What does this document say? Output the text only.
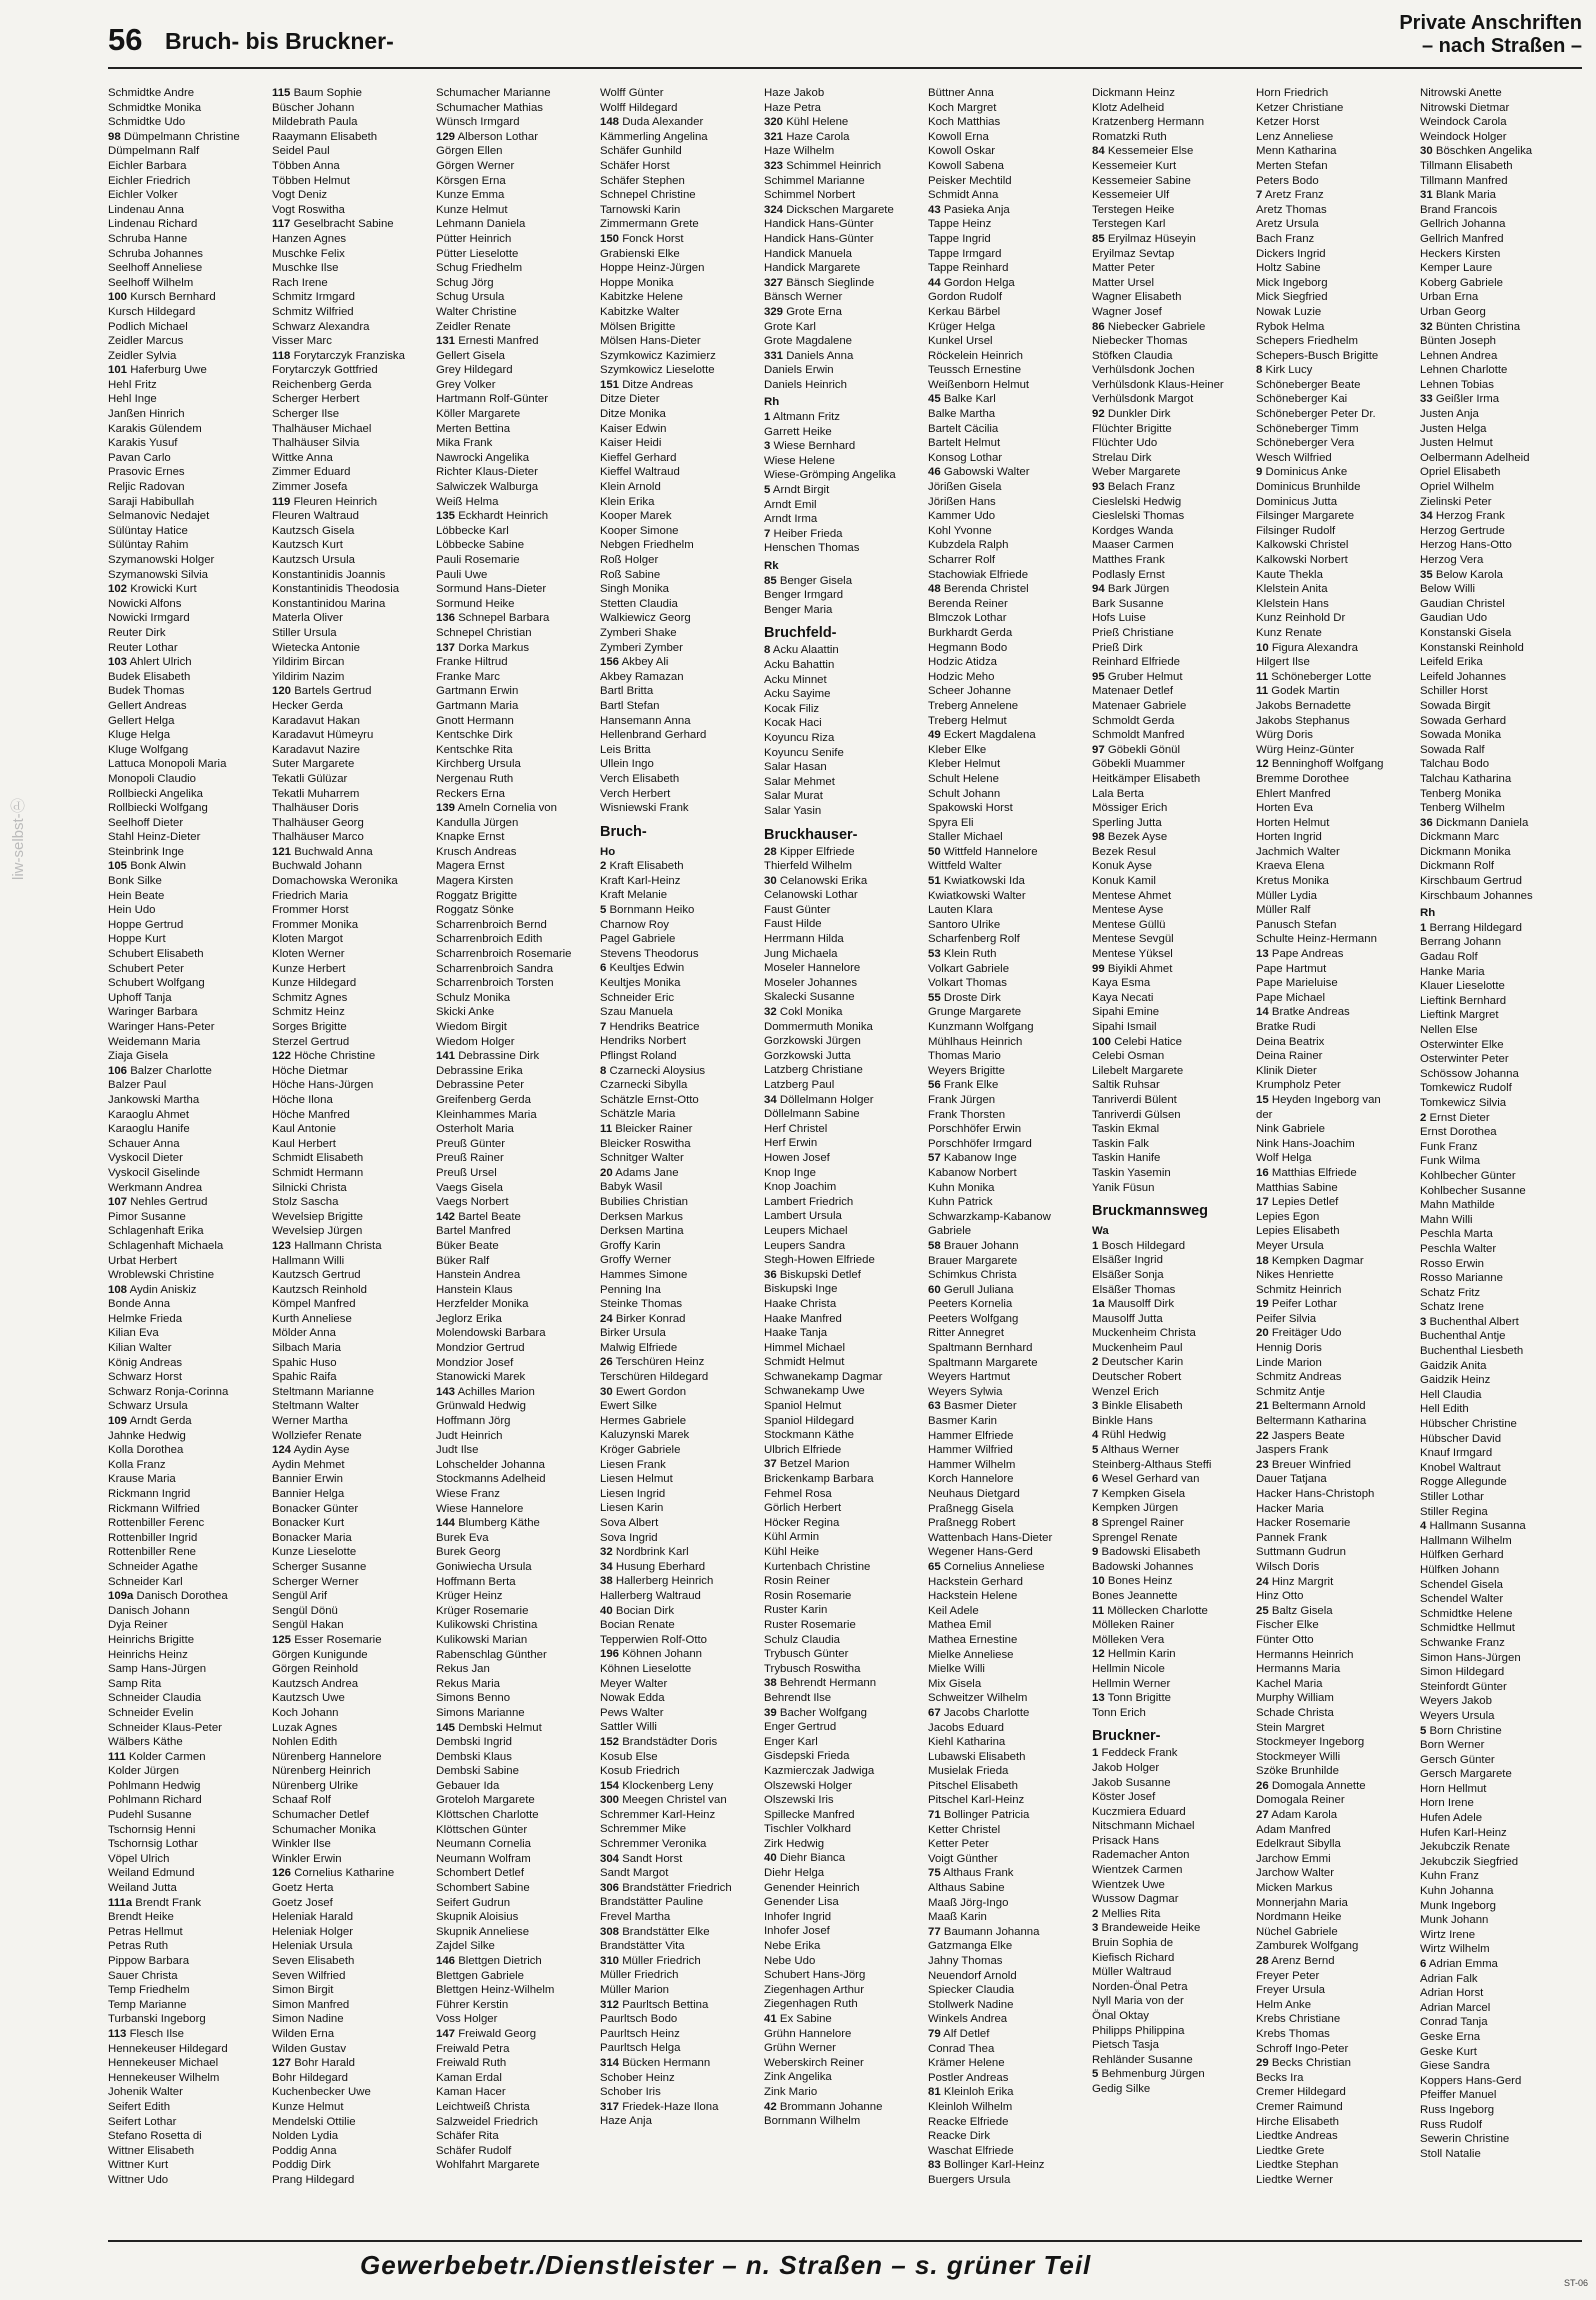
56 Bruch- bis Bruckner-
Private Anschriften
– nach Straßen –
liw-selbst-Ⓟ
Schmidtke Andre
Schmidtke Monika
Schmidtke Udo
98 Dümpelmann Christine
Dümpelmann Ralf
Eichler Barbara
Eichler Friedrich
Eichler Volker
Lindenau Anna
Lindenau Richard
Schruba Hanne
Schruba Johannes
Seelhoff Anneliese
Seelhoff Wilhelm
100 Kursch Bernhard
Kursch Hildegard
Podlich Michael
Zeidler Marcus
Zeidler Sylvia
101 Haferburg Uwe
Hehl Fritz
Hehl Inge
Janßen Hinrich
Karakis Gülendem
Karakis Yusuf
Pavan Carlo
Prasovic Ernes
Reljic Radovan
Saraji Habibullah
Selmanovic Nedajet
Sülüntay Hatice
Sülüntay Rahim
Szymanowski Holger
Szymanowski Silvia
102 Krowicki Kurt
Nowicki Alfons
Nowicki Irmgard
Reuter Dirk
Reuter Lothar
103 Ahlert Ulrich
Budek Elisabeth
Budek Thomas
Gellert Andreas
Gellert Helga
Kluge Helga
Kluge Wolfgang
Lattuca Monopoli Maria
Monopoli Claudio
Rollbiecki Angelika
Rollbiecki Wolfgang
Seelhoff Dieter
Stahl Heinz-Dieter
Steinbrink Inge
105 Bonk Alwin
Bonk Silke
Hein Beate
Hein Udo
Hoppe Gertrud
Hoppe Kurt
Schubert Elisabeth
Schubert Peter
Schubert Wolfgang
Uphoff Tanja
Waringer Barbara
Waringer Hans-Peter
Weidemann Maria
Ziaja Gisela
106 Balzer Charlotte
Balzer Paul
Jankowski Martha
Karaoglu Ahmet
Karaoglu Hanife
Schauer Anna
Vyskocil Dieter
Vyskocil Giselinde
Werkmann Andrea
107 Nehles Gertrud
Pimor Susanne
Schlagenhaft Erika
Schlagenhaft Michaela
Urbat Herbert
Wroblewski Christine
108 Aydin Aniskiz
Bonde Anna
Helmke Frieda
Kilian Eva
Kilian Walter
König Andreas
Schwarz Horst
Schwarz Ronja-Corinna
Schwarz Ursula
109 Arndt Gerda
Jahnke Hedwig
Kolla Dorothea
Kolla Franz
Krause Maria
Rickmann Ingrid
Rickmann Wilfried
Rottenbiller Ferenc
Rottenbiller Ingrid
Rottenbiller Rene
Schneider Agathe
Schneider Karl
109a Danisch Dorothea
Danisch Johann
Dyja Reiner
Heinrichs Brigitte
Heinrichs Heinz
Samp Hans-Jürgen
Samp Rita
Schneider Claudia
Schneider Evelin
Schneider Klaus-Peter
Wälbers Käthe
111 Kolder Carmen
Kolder Jürgen
Pohlmann Hedwig
Pohlmann Richard
Pudehl Susanne
Tschornsig Henni
Tschornsig Lothar
Vöpel Ulrich
Weiland Edmund
Weiland Jutta
111a Brendt Frank
Brendt Heike
Petras Hellmut
Petras Ruth
Pippow Barbara
Sauer Christa
Temp Friedhelm
Temp Marianne
Turbanski Ingeborg
113 Flesch Ilse
Hennekeuser Hildegard
Hennekeuser Michael
Hennekeuser Wilhelm
Johenik Walter
Seifert Edith
Seifert Lothar
Stefano Rosetta di
Wittner Elisabeth
Wittner Kurt
Wittner Udo
115 Baum Sophie
Büscher Johann
Mildebrath Paula
Raaymann Elisabeth
Seidel Paul
Többen Anna
Többen Helmut
Vogt Deniz
Vogt Roswitha
117 Geselbracht Sabine
Hanzen Agnes
Muschke Felix
Muschke Ilse
Rach Irene
Schmitz Irmgard
Schmitz Wilfried
Schwarz Alexandra
Visser Marc
118 Forytarczyk Franziska
Forytarczyk Gottfried
Reichenberg Gerda
Scherger Herbert
Scherger Ilse
Thalhäuser Michael
Thalhäuser Silvia
Wittke Anna
Zimmer Eduard
Zimmer Josefa
119 Fleuren Heinrich
Fleuren Waltraud
Kautzsch Gisela
Kautzsch Kurt
Kautzsch Ursula
Konstantinidis Joannis
Konstantinidis Theodosia
Konstantinidou Marina
Materla Oliver
Stiller Ursula
Wietecka Antonie
Yildirim Bircan
Yildirim Nazim
120 Bartels Gertrud
Hecker Gerda
Karadavut Hakan
Karadavut Hümeyru
Karadavut Nazire
Suter Margarete
Tekatli Gülüzar
Tekatli Muharrem
Thalhäuser Doris
Thalhäuser Georg
Thalhäuser Marco
121 Buchwald Anna
Buchwald Johann
Domachowska Weronika
Friedrich Maria
Frommer Horst
Frommer Monika
Kloten Margot
Kloten Werner
Kunze Herbert
Kunze Hildegard
Schmitz Agnes
Schmitz Heinz
Sorges Brigitte
Sterzel Gertrud
122 Höche Christine
Höche Dietmar
Höche Hans-Jürgen
Höche Ilona
Höche Manfred
Kaul Antonie
Kaul Herbert
Schmidt Elisabeth
Schmidt Hermann
Silnicki Christa
Stolz Sascha
Wevelsiep Brigitte
Wevelsiep Jürgen
123 Hallmann Christa
Hallmann Willi
Kautzsch Gertrud
Kautzsch Reinhold
Kömpel Manfred
Kurth Anneliese
Mölder Anna
Silbach Maria
Spahic Huso
Spahic Raifa
Steltmann Marianne
Steltmann Walter
Werner Martha
Wollziefer Renate
124 Aydin Ayse
Aydin Mehmet
Bannier Erwin
Bannier Helga
Bonacker Günter
Bonacker Kurt
Bonacker Maria
Kunze Lieselotte
Scherger Susanne
Scherger Werner
Sengül Arif
Sengül Dönü
Sengül Hakan
125 Esser Rosemarie
Görgen Kunigunde
Görgen Reinhold
Kautzsch Andrea
Kautzsch Uwe
Koch Johann
Luzak Agnes
Nohlen Edith
Nürenberg Hannelore
Nürenberg Heinrich
Nürenberg Ulrike
Schaaf Rolf
Schumacher Detlef
Schumacher Monika
Winkler Ilse
Winkler Erwin
126 Cornelius Katharine
Goetz Herta
Goetz Josef
Heleniak Harald
Heleniak Holger
Heleniak Ursula
Seven Elisabeth
Seven Wilfried
Simon Birgit
Simon Manfred
Simon Nadine
Wilden Erna
Wilden Gustav
127 Bohr Harald
Bohr Hildegard
Kuchenbecker Uwe
Kunze Helmut
Mendelski Ottilie
Nolden Lydia
Poddig Anna
Poddig Dirk
Prang Hildegard
Schumacher Marianne
Schumacher Mathias
Wünsch Irmgard
129 Alberson Lothar
Görgen Ellen
Görgen Werner
Körsgen Erna
Kunze Emma
Kunze Helmut
Lehmann Daniela
Pütter Heinrich
Pütter Lieselotte
Schug Friedhelm
Schug Jörg
Schug Ursula
Walter Christine
Zeidler Renate
131 Ernesti Manfred
Gellert Gisela
Grey Hildegard
Grey Volker
Hartmann Rolf-Günter
Köller Margarete
Merten Bettina
Mika Frank
Nawrocki Angelika
Richter Klaus-Dieter
Salwiczek Walburga
Weiß Helma
135 Eckhardt Heinrich
Löbbecke Karl
Löbbecke Sabine
Pauli Rosemarie
Pauli Uwe
Sormund Hans-Dieter
Sormund Heike
136 Schnepel Barbara
Schnepel Christian
137 Dorka Markus
Franke Hiltrud
Franke Marc
Gartmann Erwin
Gartmann Maria
Gnott Hermann
Kentschke Dirk
Kentschke Rita
Kirchberg Ursula
Nergenau Ruth
Reckers Erna
139 Ameln Cornelia von
Kandulla Jürgen
Knapke Ernst
Krusch Andreas
Magera Ernst
Magera Kirsten
Roggatz Brigitte
Roggatz Sönke
Scharrenbroich Bernd
Scharrenbroich Edith
Scharrenbroich Rosemarie
Scharrenbroich Sandra
Scharrenbroich Torsten
Schulz Monika
Skicki Anke
Wiedom Birgit
Wiedom Holger
141 Debrassine Dirk
Debrassine Erika
Debrassine Peter
Greifenberg Gerda
Kleinhammes Maria
Osterholt Maria
Preuß Günter
Preuß Rainer
Preuß Ursel
Vaegs Gisela
Vaegs Norbert
142 Bartel Beate
Bartel Manfred
Büker Beate
Büker Ralf
Hanstein Andrea
Hanstein Klaus
Herzfelder Monika
Jeglorz Erika
Molendowski Barbara
Mondzior Gertrud
Mondzior Josef
Stanowicki Marek
143 Achilles Marion
Grünwald Hedwig
Hoffmann Jörg
Judt Heinrich
Judt Ilse
Lohschelder Johanna
Stockmanns Adelheid
Wiese Franz
Wiese Hannelore
144 Blumberg Käthe
Burek Eva
Burek Georg
Goniwiecha Ursula
Hoffmann Berta
Krüger Heinz
Krüger Rosemarie
Kulikowski Christina
Kulikowski Marian
Rabenschlag Günther
Rekus Jan
Rekus Maria
Simons Benno
Simons Marianne
145 Dembski Helmut
Dembski Ingrid
Dembski Klaus
Dembski Sabine
Gebauer Ida
Groteloh Margarete
Klöttschen Charlotte
Klöttschen Günter
Neumann Cornelia
Neumann Wolfram
Schombert Detlef
Schombert Sabine
Seifert Gudrun
Skupnik Aloisius
Skupnik Anneliese
Zajdel Silke
146 Blettgen Dietrich
Blettgen Gabriele
Blettgen Heinz-Wilhelm
Führer Kerstin
Voss Holger
147 Freiwald Georg
Freiwald Petra
Freiwald Ruth
Kaman Erdal
Kaman Hacer
Leichtweiß Christa
Salzweidel Friedrich
Schäfer Rita
Schäfer Rudolf
Wohlfahrt Margarete
Wolff Günter
Wolff Hildegard
148 Duda Alexander
Kämmerling Angelina
Schäfer Gunhild
Schäfer Horst
Schäfer Stephen
Schnepel Christine
Tarnowski Karin
Zimmermann Grete
150 Fonck Horst
Grabienski Elke
Hoppe Heinz-Jürgen
Hoppe Monika
Kabitzke Helene
Kabitzke Walter
Mölsen Brigitte
Mölsen Hans-Dieter
Szymkowicz Kazimierz
Szymkowicz Lieselotte
151 Ditze Andreas
Ditze Dieter
Ditze Monika
Kaiser Edwin
Kaiser Heidi
Kieffel Gerhard
Kieffel Waltraud
Klein Arnold
Klein Erika
Kooper Marek
Kooper Simone
Nebgen Friedhelm
Roß Holger
Roß Sabine
Singh Monika
Stetten Claudia
Walkiewicz Georg
Zymberi Shake
Zymberi Zymber
156 Akbey Ali
Akbey Ramazan
Bartl Britta
Bartl Stefan
Hansemann Anna
Hellenbrand Gerhard
Leis Britta
Ullein Ingo
Verch Elisabeth
Verch Herbert
Wisniewski Frank
Bruch-
Ho
2 Kraft Elisabeth
Kraft Karl-Heinz
Kraft Melanie
5 Bornmann Heiko
Charnow Roy
Pagel Gabriele
Stevens Theodorus
6 Keultjes Edwin
Keultjes Monika
Schneider Eric
Szau Manuela
7 Hendriks Beatrice
Hendriks Norbert
Pflingst Roland
8 Czarnecki Aloysius
Czarnecki Sibylla
Schätzle Ernst-Otto
Schätzle Maria
11 Bleicker Rainer
Bleicker Roswitha
Schnitger Walter
20 Adams Jane
Babyk Wasil
Bubilies Christian
Derksen Markus
Derksen Martina
Groffy Karin
Groffy Werner
Hammes Simone
Penning Ina
Steinke Thomas
24 Birker Konrad
Birker Ursula
Malwig Elfriede
26 Terschüren Heinz
Terschüren Hildegard
30 Ewert Gordon
Ewert Silke
Hermes Gabriele
Kaluzynski Marek
Kröger Gabriele
Liesen Frank
Liesen Helmut
Liesen Ingrid
Liesen Karin
Sova Albert
Sova Ingrid
32 Nordbrink Karl
34 Husung Eberhard
38 Hallerberg Heinrich
Hallerberg Waltraud
40 Bocian Dirk
Bocian Renate
Tepperwien Rolf-Otto
196 Köhnen Johann
Köhnen Lieselotte
Meyer Walter
Nowak Edda
Pews Walter
Sattler Willi
152 Brandstädter Doris
Kosub Else
Kosub Friedrich
154 Klockenberg Leny
300 Meegen Christel van
Schremmer Karl-Heinz
Schremmer Mike
Schremmer Veronika
304 Sandt Horst
Sandt Margot
306 Brandstätter Friedrich
Brandstätter Pauline
Frevel Martha
308 Brandstätter Elke
Brandstätter Vita
310 Müller Friedrich
Müller Friedrich
Müller Marion
312 Paurltsch Bettina
Paurltsch Bodo
Paurltsch Heinz
Paurltsch Helga
314 Bücken Hermann
Schober Heinz
Schober Iris
317 Friedek-Haze Ilona
Haze Anja
Haze Jakob
Haze Petra
320 Kühl Helene
321 Haze Carola
Haze Wilhelm
323 Schimmel Heinrich
Schimmel Marianne
Schimmel Norbert
324 Dickschen Margarete
Handick Hans-Günter
Handick Hans-Günter
Handick Manuela
Handick Margarete
327 Bänsch Sieglinde
Bänsch Werner
329 Grote Erna
Grote Karl
Grote Magdalene
331 Daniels Anna
Daniels Erwin
Daniels Heinrich
Rh
1 Altmann Fritz
Garrett Heike
3 Wiese Bernhard
Wiese Helene
Wiese-Grömping Angelika
5 Arndt Birgit
Arndt Emil
Arndt Irma
7 Heiber Frieda
Henschen Thomas
Rk
85 Benger Gisela
Benger Irmgard
Benger Maria
Bruchfeld-
8 Acku Alaattin
Acku Bahattin
Acku Minnet
Acku Sayime
Kocak Filiz
Kocak Haci
Koyuncu Riza
Koyuncu Senife
Salar Hasan
Salar Mehmet
Salar Murat
Salar Yasin
Bruckhauser-
28 Kipper Elfriede
Thierfeld Wilhelm
30 Celanowski Erika
Celanowski Lothar
Faust Günter
Faust Hilde
Herrmann Hilda
Jung Michaela
Moseler Hannelore
Moseler Johannes
Skalecki Susanne
32 Cokl Monika
Dommermuth Monika
Gorzkowski Jürgen
Gorzkowski Jutta
Latzberg Christiane
Latzberg Paul
34 Döllelmann Holger
Döllelmann Sabine
Herf Christel
Herf Erwin
Howen Josef
Knop Inge
Knop Joachim
Lambert Friedrich
Lambert Ursula
Leupers Michael
Leupers Sandra
Stegh-Howen Elfriede
36 Biskupski Detlef
Biskupski Inge
Haake Christa
Haake Manfred
Haake Tanja
Himmel Michael
Schmidt Helmut
Schwanekamp Dagmar
Schwanekamp Uwe
Spaniol Helmut
Spaniol Hildegard
Stockmann Käthe
Ulbrich Elfriede
37 Betzel Marion
Brickenkamp Barbara
Fehmel Rosa
Görlich Herbert
Höcker Regina
Kühl Armin
Kühl Heike
Kurtenbach Christine
Rosin Reiner
Rosin Rosemarie
Ruster Karin
Ruster Rosemarie
Schulz Claudia
Trybusch Günter
Trybusch Roswitha
38 Behrendt Hermann
Behrendt Ilse
39 Bacher Wolfgang
Enger Gertrud
Enger Karl
Gisdepski Frieda
Kazmierczak Jadwiga
Olszewski Holger
Olszewski Iris
Spillecke Manfred
Tischler Volkhard
Zirk Hedwig
40 Diehr Bianca
Diehr Helga
Genender Heinrich
Genender Lisa
Inhofer Ingrid
Inhofer Josef
Nebe Erika
Nebe Udo
Schubert Hans-Jörg
Ziegenhagen Arthur
Ziegenhagen Ruth
41 Ex Sabine
Grühn Hannelore
Grühn Werner
Weberskirch Reiner
Zink Angelika
Zink Mario
42 Brommann Johanne
Bornmann Wilhelm
Büttner Anna
Koch Margret
Koch Matthias
Kowoll Erna
Kowoll Oskar
Kowoll Sabena
Peisker Mechtild
Schmidt Anna
43 Pasieka Anja
Tappe Heinz
Tappe Ingrid
Tappe Irmgard
Tappe Reinhard
44 Gordon Helga
Gordon Rudolf
Kerkau Bärbel
Krüger Helga
Kunkel Ursel
Röckelein Heinrich
Teussch Ernestine
Weißenborn Helmut
45 Balke Karl
Balke Martha
Bartelt Cäcilia
Bartelt Helmut
Konsog Lothar
46 Gabowski Walter
Jörißen Gisela
Jörißen Hans
Kammer Udo
Kohl Yvonne
Kubzdela Ralph
Scharrer Rolf
Stachowiak Elfriede
48 Berenda Christel
Berenda Reiner
Blmczok Lothar
Burkhardt Gerda
Hegmann Bodo
Hodzic Atidza
Hodzic Meho
Scheer Johanne
Treberg Annelene
Treberg Helmut
49 Eckert Magdalena
Kleber Elke
Kleber Helmut
Schult Helene
Schult Johann
Spakowski Horst
Spyra Eli
Staller Michael
50 Wittfeld Hannelore
Wittfeld Walter
51 Kwiatkowski Ida
Kwiatkowski Walter
Lauten Klara
Santoro Ulrike
Scharfenberg Rolf
53 Klein Ruth
Volkart Gabriele
Volkart Thomas
55 Droste Dirk
Grunge Margarete
Kunzmann Wolfgang
Mühlhaus Heinrich
Thomas Mario
Weyers Brigitte
56 Frank Elke
Frank Jürgen
Frank Thorsten
Porschhöfer Erwin
Porschhöfer Irmgard
57 Kabanow Inge
Kabanow Norbert
Kuhn Monika
Kuhn Patrick
Schwarzkamp-Kabanow
Gabriele
58 Brauer Johann
Brauer Margarete
Schimkus Christa
60 Gerull Juliana
Peeters Kornelia
Peeters Wolfgang
Ritter Annegret
Spaltmann Bernhard
Spaltmann Margarete
Weyers Hartmut
Weyers Sylwia
63 Basmer Dieter
Basmer Karin
Hammer Elfriede
Hammer Wilfried
Hammer Wilhelm
Korch Hannelore
Neuhaus Dietgard
Praßnegg Gisela
Praßnegg Robert
Wattenbach Hans-Dieter
Wegener Hans-Gerd
65 Cornelius Anneliese
Hackstein Gerhard
Hackstein Helene
Keil Adele
Mathea Emil
Mathea Ernestine
Mielke Anneliese
Mielke Willi
Mix Gisela
Schweitzer Wilhelm
67 Jacobs Charlotte
Jacobs Eduard
Kiehl Katharina
Lubawski Elisabeth
Musielak Frieda
Pitschel Elisabeth
Pitschel Karl-Heinz
71 Bollinger Patricia
Ketter Christel
Ketter Peter
Voigt Günther
75 Althaus Frank
Althaus Sabine
Maaß Jörg-Ingo
Maaß Karin
77 Baumann Johanna
Gatzmanga Elke
Jahny Thomas
Neuendorf Arnold
Spiecker Claudia
Stollwerk Nadine
Winkels Andrea
79 Alf Detlef
Conrad Thea
Krämer Helene
Postler Andreas
81 Kleinloh Erika
Kleinloh Wilhelm
Reacke Elfriede
Reacke Dirk
Waschat Elfriede
83 Bollinger Karl-Heinz
Buergers Ursula
Dickmann Heinz
Klotz Adelheid
Kratzenberg Hermann
Romatzki Ruth
84 Kessemeier Else
Kessemeier Kurt
Kessemeier Sabine
Kessemeier Ulf
Terstegen Heike
Terstegen Karl
85 Eryilmaz Hüseyin
Eryilmaz Sevtap
Matter Peter
Matter Ursel
Wagner Elisabeth
Wagner Josef
86 Niebecker Gabriele
Niebecker Thomas
Stöfken Claudia
Verhülsdonk Jochen
Verhülsdonk Klaus-Heiner
Verhülsdonk Margot
92 Dunkler Dirk
Flüchter Brigitte
Flüchter Udo
Strelau Dirk
Weber Margarete
93 Belach Franz
Cieslelski Hedwig
Cieslelski Thomas
Kordges Wanda
Maaser Carmen
Matthes Frank
Podlasly Ernst
94 Bark Jürgen
Bark Susanne
Hofs Luise
Prieß Christiane
Prieß Dirk
Reinhard Elfriede
95 Gruber Helmut
Matenaer Detlef
Matenaer Gabriele
Schmoldt Gerda
Schmoldt Manfred
97 Göbekli Gönül
Göbekli Muammer
Heitkämper Elisabeth
Lala Berta
Mössiger Erich
Sperling Jutta
98 Bezek Ayse
Bezek Resul
Konuk Ayse
Konuk Kamil
Mentese Ahmet
Mentese Ayse
Mentese Güllü
Mentese Sevgül
Mentese Yüksel
99 Biyikli Ahmet
Kaya Esma
Kaya Necati
Sipahi Emine
Sipahi Ismail
100 Celebi Hatice
Celebi Osman
Lilebelt Margarete
Saltik Ruhsar
Tanriverdi Bülent
Tanriverdi Gülsen
Taskin Ekmal
Taskin Falk
Taskin Hanife
Taskin Yasemin
Yanik Füsun
Bruckmannsweg
Wa
1 Bosch Hildegard
Elsäßer Ingrid
Elsäßer Sonja
Elsäßer Thomas
1a Mausolff Dirk
Mausolff Jutta
Muckenheim Christa
Muckenheim Paul
2 Deutscher Karin
Deutscher Robert
Wenzel Erich
3 Binkle Elisabeth
Binkle Hans
4 Rühl Hedwig
5 Althaus Werner
Steinberg-Althaus Steffi
6 Wesel Gerhard van
7 Kempken Gisela
Kempken Jürgen
8 Sprengel Rainer
Sprengel Renate
9 Badowski Elisabeth
Badowski Johannes
10 Bones Heinz
Bones Jeannette
11 Möllecken Charlotte
Mölleken Rainer
Mölleken Vera
12 Hellmin Karin
Hellmin Nicole
Hellmin Werner
13 Tonn Brigitte
Tonn Erich
Bruckner-
1 Feddeck Frank
Jakob Holger
Jakob Susanne
Köster Josef
Kuczmiera Eduard
Nitschmann Michael
Prisack Hans
Rademacher Anton
Wientzek Carmen
Wientzek Uwe
Wussow Dagmar
2 Mellies Rita
3 Brandeweide Heike
Bruin Sophia de
Kiefisch Richard
Müller Waltraud
Norden-Önal Petra
Nyll Maria von der
Önal Oktay
Philipps Philippina
Pietsch Tasja
Rehländer Susanne
5 Behmenburg Jürgen
Gedig Silke
Horn Friedrich
Ketzer Christiane
Ketzer Horst
Lenz Anneliese
Menn Katharina
Merten Stefan
Peters Bodo
7 Aretz Franz
Aretz Thomas
Aretz Ursula
Bach Franz
Dickers Ingrid
Holtz Sabine
Mick Ingeborg
Mick Siegfried
Nowak Luzie
Rybok Helma
Schepers Friedhelm
Schepers-Busch Brigitte
8 Kirk Lucy
Schöneberger Beate
Schöneberger Kai
Schöneberger Peter Dr.
Schöneberger Timm
Schöneberger Vera
Wesch Wilfried
9 Dominicus Anke
Dominicus Brunhilde
Dominicus Jutta
Filsinger Margarete
Filsinger Rudolf
Kalkowski Christel
Kalkowski Norbert
Kaute Thekla
Klelstein Anita
Klelstein Hans
Kunz Reinhold Dr
Kunz Renate
10 Figura Alexandra
Hilgert Ilse
11 Schöneberger Lotte
11 Godek Martin
Jakobs Bernadette
Jakobs Stephanus
Würg Doris
Würg Heinz-Günter
12 Benninghoff Wolfgang
Bremme Dorothee
Ehlert Manfred
Horten Eva
Horten Helmut
Horten Ingrid
Jachmich Walter
Kraeva Elena
Kretus Monika
Müller Lydia
Müller Ralf
Panusch Stefan
Schulte Heinz-Hermann
13 Pape Andreas
Pape Hartmut
Pape Marieluise
Pape Michael
14 Bratke Andreas
Bratke Rudi
Deina Beatrix
Deina Rainer
Klinik Dieter
Krumpholz Peter
15 Heyden Ingeborg van
der
Nink Gabriele
Nink Hans-Joachim
Wolf Helga
16 Matthias Elfriede
Matthias Sabine
17 Lepies Detlef
Lepies Egon
Lepies Elisabeth
Meyer Ursula
18 Kempken Dagmar
Nikes Henriette
Schmitz Heinrich
19 Peifer Lothar
Peifer Silvia
20 Freitäger Udo
Hennig Doris
Linde Marion
Schmitz Andreas
Schmitz Antje
21 Beltermann Arnold
Beltermann Katharina
22 Jaspers Beate
Jaspers Frank
23 Breuer Winfried
Dauer Tatjana
Hacker Hans-Christoph
Hacker Maria
Hacker Rosemarie
Pannek Frank
Suttmann Gudrun
Wilsch Doris
24 Hinz Margrit
Hinz Otto
25 Baltz Gisela
Fischer Elke
Fünter Otto
Hermanns Heinrich
Hermanns Maria
Kachel Maria
Murphy William
Schade Christa
Stein Margret
Stockmeyer Ingeborg
Stockmeyer Willi
Szöke Brunhilde
26 Domogala Annette
Domogala Reiner
27 Adam Karola
Adam Manfred
Edelkraut Sibylla
Jarchow Emmi
Jarchow Walter
Micken Markus
Monnerjahn Maria
Nordmann Heike
Nüchel Gabriele
Zamburek Wolfgang
28 Arenz Bernd
Freyer Peter
Freyer Ursula
Helm Anke
Krebs Christiane
Krebs Thomas
Schroff Ingo-Peter
29 Becks Christian
Becks Ira
Cremer Hildegard
Cremer Raimund
Hirche Elisabeth
Liedtke Andreas
Liedtke Grete
Liedtke Stephan
Liedtke Werner
Nitrowski Anette
Nitrowski Dietmar
Weindock Carola
Weindock Holger
30 Böschken Angelika
Tillmann Elisabeth
Tillmann Manfred
31 Blank Maria
Brand Francois
Gellrich Johanna
Gellrich Manfred
Heckers Kirsten
Kemper Laure
Koberg Gabriele
Urban Erna
Urban Georg
32 Bünten Christina
Bünten Joseph
Lehnen Andrea
Lehnen Charlotte
Lehnen Tobias
33 Geißler Irma
Justen Anja
Justen Helga
Justen Helmut
Oelbermann Adelheid
Opriel Elisabeth
Opriel Wilhelm
Zielinski Peter
34 Herzog Frank
Herzog Gertrude
Herzog Hans-Otto
Herzog Vera
35 Below Karola
Below Willi
Gaudian Christel
Gaudian Udo
Konstanski Gisela
Konstanski Reinhold
Leifeld Erika
Leifeld Johannes
Schiller Horst
Sowada Birgit
Sowada Gerhard
Sowada Monika
Sowada Ralf
Talchau Bodo
Talchau Katharina
Tenberg Monika
Tenberg Wilhelm
36 Dickmann Daniela
Dickmann Marc
Dickmann Monika
Dickmann Rolf
Kirschbaum Gertrud
Kirschbaum Johannes
Rh
1 Berrang Hildegard
Berrang Johann
Gadau Rolf
Hanke Maria
Klauer Lieselotte
Lieftink Bernhard
Lieftink Margret
Nellen Else
Osterwinter Elke
Osterwinter Peter
Schössow Johanna
Tomkewicz Rudolf
Tomkewicz Silvia
2 Ernst Dieter
Ernst Dorothea
Funk Franz
Funk Wilma
Kohlbecher Günter
Kohlbecher Susanne
Mahn Mathilde
Mahn Willi
Peschla Marta
Peschla Walter
Rosso Erwin
Rosso Marianne
Schatz Fritz
Schatz Irene
3 Buchenthal Albert
Buchenthal Antje
Buchenthal Liesbeth
Gaidzik Anita
Gaidzik Heinz
Hell Claudia
Hell Edith
Hübscher Christine
Hübscher David
Knauf Irmgard
Knobel Waltraut
Rogge Allegunde
Stiller Lothar
Stiller Regina
4 Hallmann Susanna
Hallmann Wilhelm
Hülfken Gerhard
Hülfken Johann
Schendel Gisela
Schendel Walter
Schmidtke Helene
Schmidtke Hellmut
Schwanke Franz
Simon Hans-Jürgen
Simon Hildegard
Steinfordt Günter
Weyers Jakob
Weyers Ursula
5 Born Christine
Born Werner
Gersch Günter
Gersch Margarete
Horn Hellmut
Horn Irene
Hufen Adele
Hufen Karl-Heinz
Jekubczik Renate
Jekubczik Siegfried
Kuhn Franz
Kuhn Johanna
Munk Ingeborg
Munk Johann
Wirtz Irene
Wirtz Wilhelm
6 Adrian Emma
Adrian Falk
Adrian Horst
Adrian Marcel
Conrad Tanja
Geske Erna
Geske Kurt
Giese Sandra
Koppers Hans-Gerd
Pfeiffer Manuel
Russ Ingeborg
Russ Rudolf
Sewerin Christine
Stoll Natalie
Gewerbebetr./Dienstleister – n. Straßen – s. grüner Teil
ST-06
